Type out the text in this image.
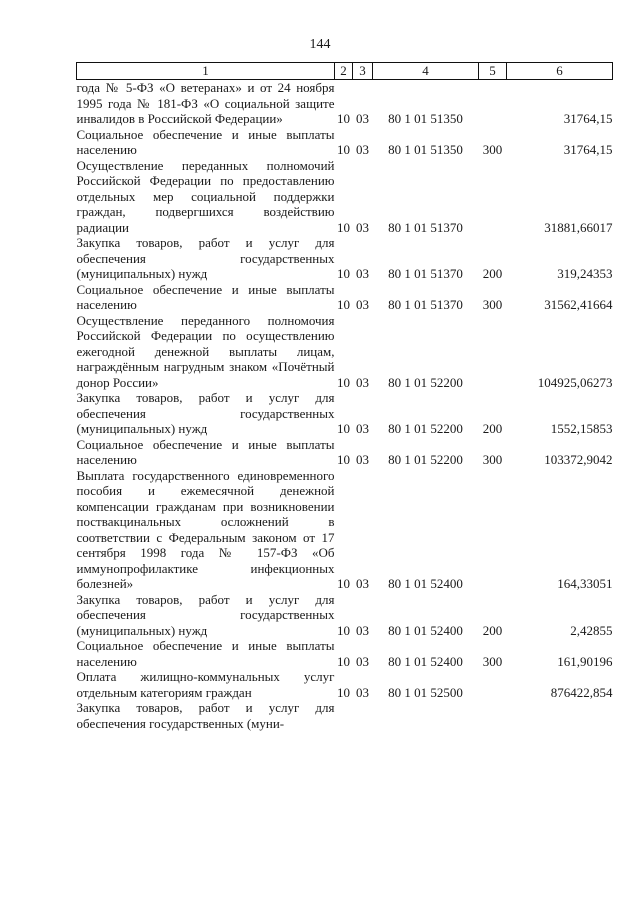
144
1	2	3	4	5	6
года № 5-ФЗ «О ветеранах» и от 24 ноября 1995 года № 181-ФЗ «О социальной защите инвалидов в Российской Федерации»	10	03	80 1 01 51350		31764,15
Социальное обеспечение и иные выплаты населению	10	03	80 1 01 51350	300	31764,15
Осуществление переданных полномочий Российской Федерации по предоставлению отдельных мер социальной поддержки граждан, подвергшихся воздействию радиации	10	03	80 1 01 51370		31881,66017
Закупка товаров, работ и услуг для обеспечения государственных (муниципальных) нужд	10	03	80 1 01 51370	200	319,24353
Социальное обеспечение и иные выплаты населению	10	03	80 1 01 51370	300	31562,41664
Осуществление переданного полномочия Российской Федерации по осуществлению ежегодной денежной выплаты лицам, награждённым нагрудным знаком «Почётный донор России»	10	03	80 1 01 52200		104925,06273
Закупка товаров, работ и услуг для обеспечения государственных (муниципальных) нужд	10	03	80 1 01 52200	200	1552,15853
Социальное обеспечение и иные выплаты населению	10	03	80 1 01 52200	300	103372,9042
Выплата государственного единовременного пособия и ежемесячной денежной компенсации гражданам при возникновении поствакцинальных осложнений в соответствии с Федеральным законом от 17 сентября 1998 года № 157-ФЗ «Об иммунопрофилактике инфекционных болезней»	10	03	80 1 01 52400		164,33051
Закупка товаров, работ и услуг для обеспечения государственных (муниципальных) нужд	10	03	80 1 01 52400	200	2,42855
Социальное обеспечение и иные выплаты населению	10	03	80 1 01 52400	300	161,90196
Оплата жилищно-коммунальных услуг отдельным категориям граждан	10	03	80 1 01 52500		876422,854
Закупка товаров, работ и услуг для обеспечения государственных (муни-					
